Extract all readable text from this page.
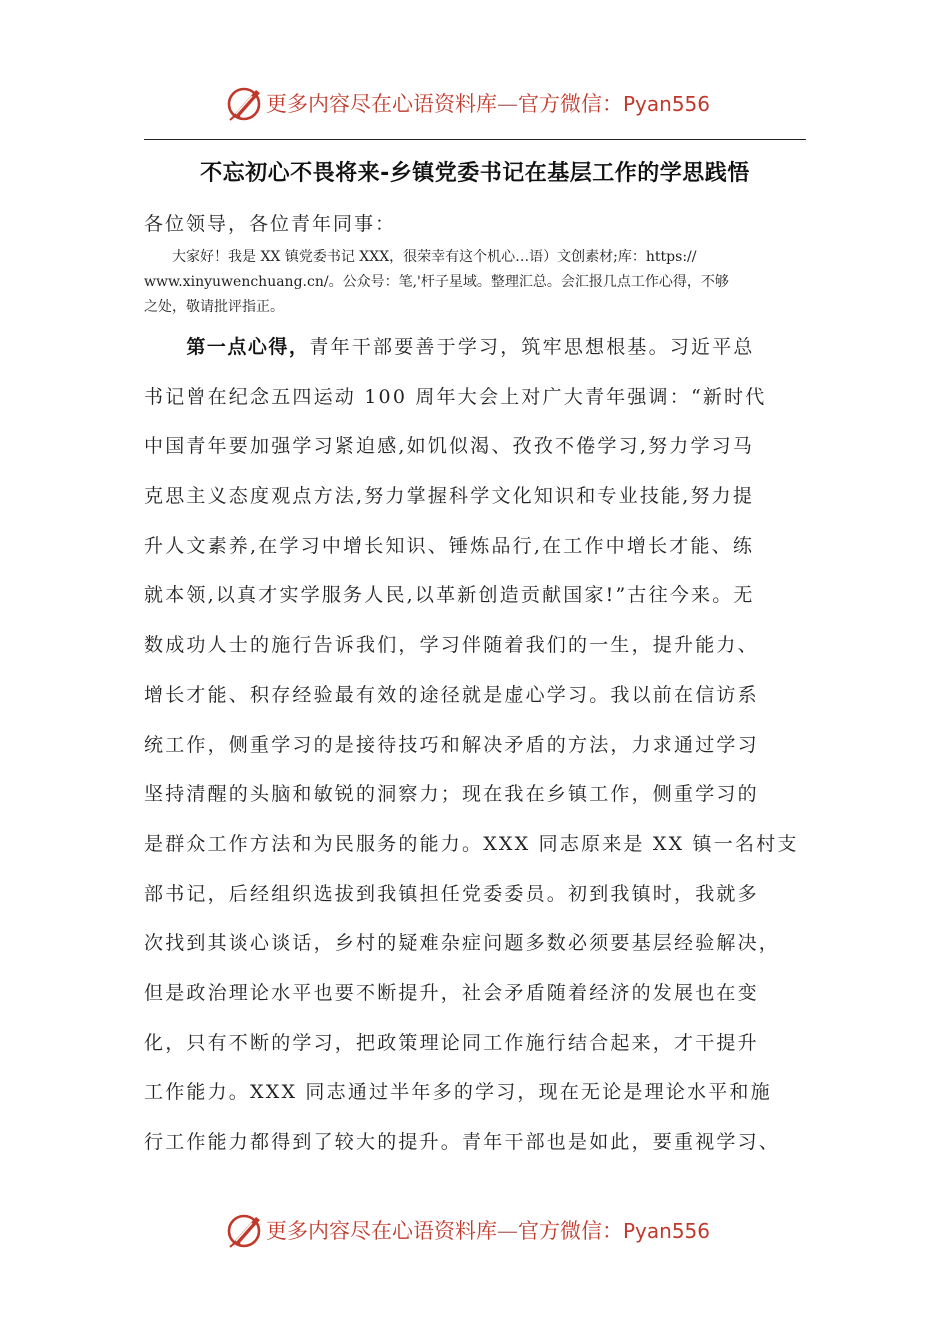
更多内容尽在心语资料库—官方微信：Pyan556
不忘初心不畏将来-乡镇党委书记在基层工作的学思践悟
各位领导，各位青年同事：
　　大家好！我是 XX 镇党委书记 XXX，很荣幸有这个机心…语）文创素材;库：https://
www.xinyuwenchuang.cn/。公众号：笔,'杆子星域。整理汇总。会汇报几点工作心得，不够
之处，敬请批评指正。
　　第一点心得，青年干部要善于学习，筑牢思想根基。习近平总
书记曾在纪念五四运动 100 周年大会上对广大青年强调：“新时代
中国青年要加强学习紧迫感,如饥似渴、孜孜不倦学习,努力学习马
克思主义态度观点方法,努力掌握科学文化知识和专业技能,努力提
升人文素养,在学习中增长知识、锤炼品行,在工作中增长才能、练
就本领,以真才实学服务人民,以革新创造贡献国家!”古往今来。无
数成功人士的施行告诉我们，学习伴随着我们的一生，提升能力、
增长才能、积存经验最有效的途径就是虚心学习。我以前在信访系
统工作，侧重学习的是接待技巧和解决矛盾的方法，力求通过学习
坚持清醒的头脑和敏锐的洞察力；现在我在乡镇工作，侧重学习的
是群众工作方法和为民服务的能力。XXX 同志原来是 XX 镇一名村支
部书记，后经组织选拔到我镇担任党委委员。初到我镇时，我就多
次找到其谈心谈话，乡村的疑难杂症问题多数必须要基层经验解决，
但是政治理论水平也要不断提升，社会矛盾随着经济的发展也在变
化，只有不断的学习，把政策理论同工作施行结合起来，才干提升
工作能力。XXX 同志通过半年多的学习，现在无论是理论水平和施
行工作能力都得到了较大的提升。青年干部也是如此，要重视学习、
更多内容尽在心语资料库—官方微信：Pyan556
